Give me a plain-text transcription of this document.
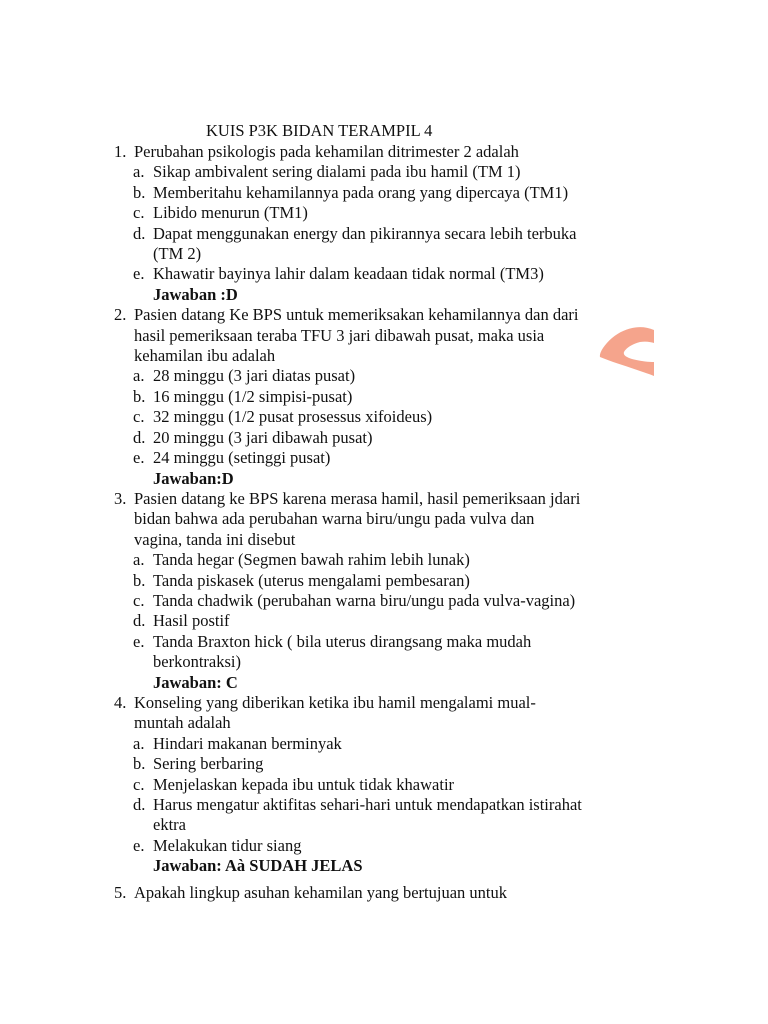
KUIS P3K BIDAN TERAMPIL 4
1. Perubahan psikologis pada kehamilan ditrimester 2 adalah
a. Sikap ambivalent sering dialami pada ibu hamil (TM 1)
b. Memberitahu kehamilannya pada orang yang dipercaya (TM1)
c. Libido menurun (TM1)
d. Dapat menggunakan energy dan pikirannya secara lebih terbuka (TM 2)
e. Khawatir bayinya lahir dalam keadaan tidak normal (TM3)
Jawaban :D
2. Pasien datang Ke BPS untuk memeriksakan kehamilannya dan dari hasil pemeriksaan teraba TFU 3 jari dibawah pusat, maka usia kehamilan ibu adalah
a. 28 minggu (3 jari diatas pusat)
b. 16 minggu (1/2 simpisi-pusat)
c. 32 minggu (1/2 pusat prosessus xifoideus)
d. 20 minggu (3 jari dibawah pusat)
e. 24 minggu (setinggi pusat)
Jawaban:D
3. Pasien datang ke BPS karena merasa hamil, hasil pemeriksaan jdari bidan bahwa ada perubahan warna biru/ungu pada vulva dan vagina, tanda ini disebut
a. Tanda hegar (Segmen bawah rahim lebih lunak)
b. Tanda piskasek (uterus mengalami pembesaran)
c. Tanda chadwik (perubahan warna biru/ungu pada vulva-vagina)
d. Hasil postif
e. Tanda Braxton hick ( bila uterus dirangsang maka mudah berkontraksi)
Jawaban: C
4. Konseling yang diberikan ketika ibu hamil mengalami mual-muntah adalah
a. Hindari makanan berminyak
b. Sering berbaring
c. Menjelaskan kepada ibu untuk tidak khawatir
d. Harus mengatur aktifitas sehari-hari untuk mendapatkan istirahat ektra
e. Melakukan tidur siang
Jawaban: Aà SUDAH JELAS
5. Apakah lingkup asuhan kehamilan yang bertujuan untuk
